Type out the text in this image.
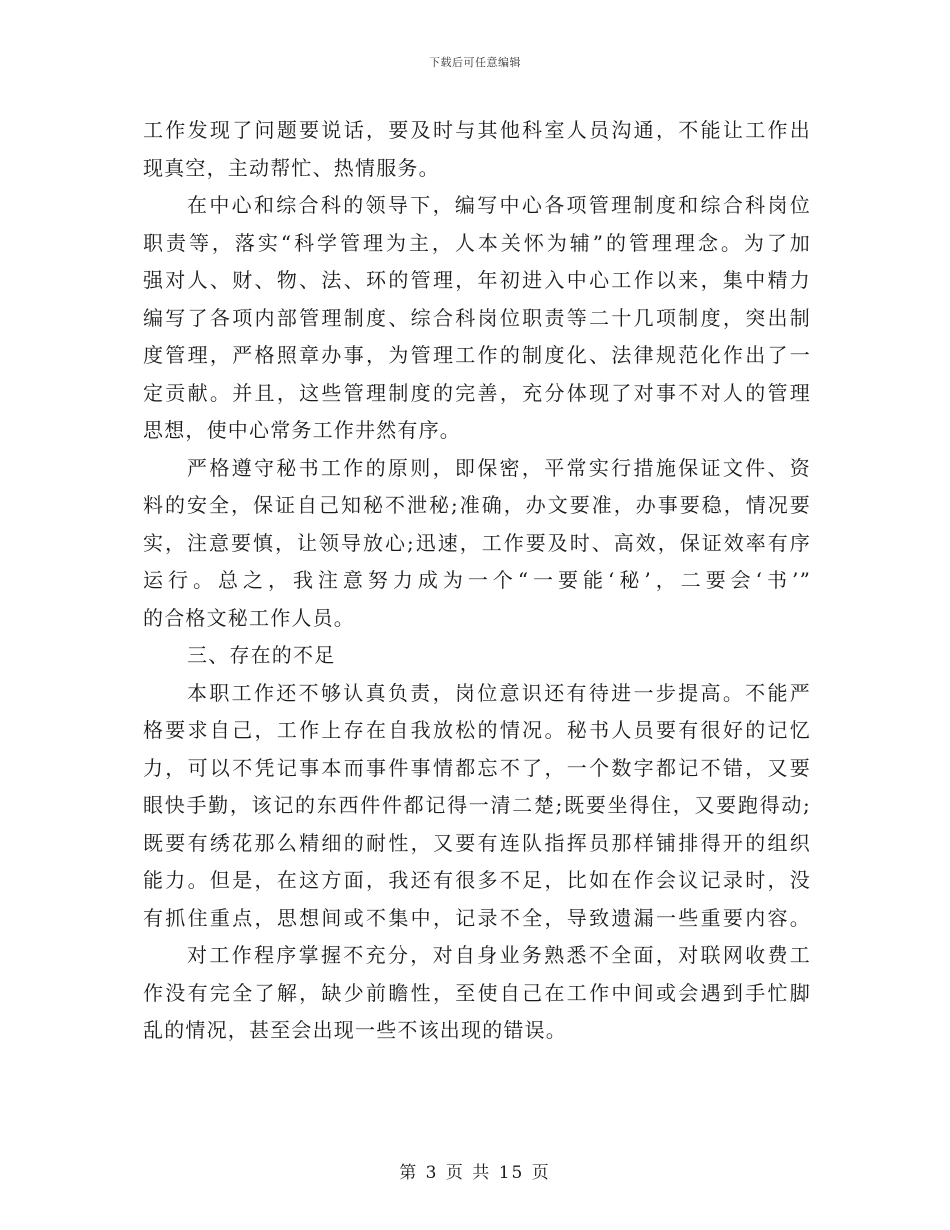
下载后可任意编辑
工作发现了问题要说话，要及时与其他科室人员沟通，不能让工作出
现真空，主动帮忙、热情服务。
在中心和综合科的领导下，编写中心各项管理制度和综合科岗位
职责等，落实“科学管理为主，人本关怀为辅”的管理理念。为了加
强对人、财、物、法、环的管理，年初进入中心工作以来，集中精力
编写了各项内部管理制度、综合科岗位职责等二十几项制度，突出制
度管理，严格照章办事，为管理工作的制度化、法律规范化作出了一
定贡献。并且，这些管理制度的完善，充分体现了对事不对人的管理
思想，使中心常务工作井然有序。
严格遵守秘书工作的原则，即保密，平常实行措施保证文件、资
料的安全，保证自己知秘不泄秘;准确，办文要准，办事要稳，情况要
实，注意要慎，让领导放心;迅速，工作要及时、高效，保证效率有序
运行。总之，我注意努力成为一个“一要能‘秘’，二要会‘书’”
的合格文秘工作人员。
三、存在的不足
本职工作还不够认真负责，岗位意识还有待进一步提高。不能严
格要求自己，工作上存在自我放松的情况。秘书人员要有很好的记忆
力，可以不凭记事本而事件事情都忘不了，一个数字都记不错，又要
眼快手勤，该记的东西件件都记得一清二楚;既要坐得住，又要跑得动;
既要有绣花那么精细的耐性，又要有连队指挥员那样铺排得开的组织
能力。但是，在这方面，我还有很多不足，比如在作会议记录时，没
有抓住重点，思想间或不集中，记录不全，导致遗漏一些重要内容。
对工作程序掌握不充分，对自身业务熟悉不全面，对联网收费工
作没有完全了解，缺少前瞻性，至使自己在工作中间或会遇到手忙脚
乱的情况，甚至会出现一些不该出现的错误。
第 3 页 共 15 页
